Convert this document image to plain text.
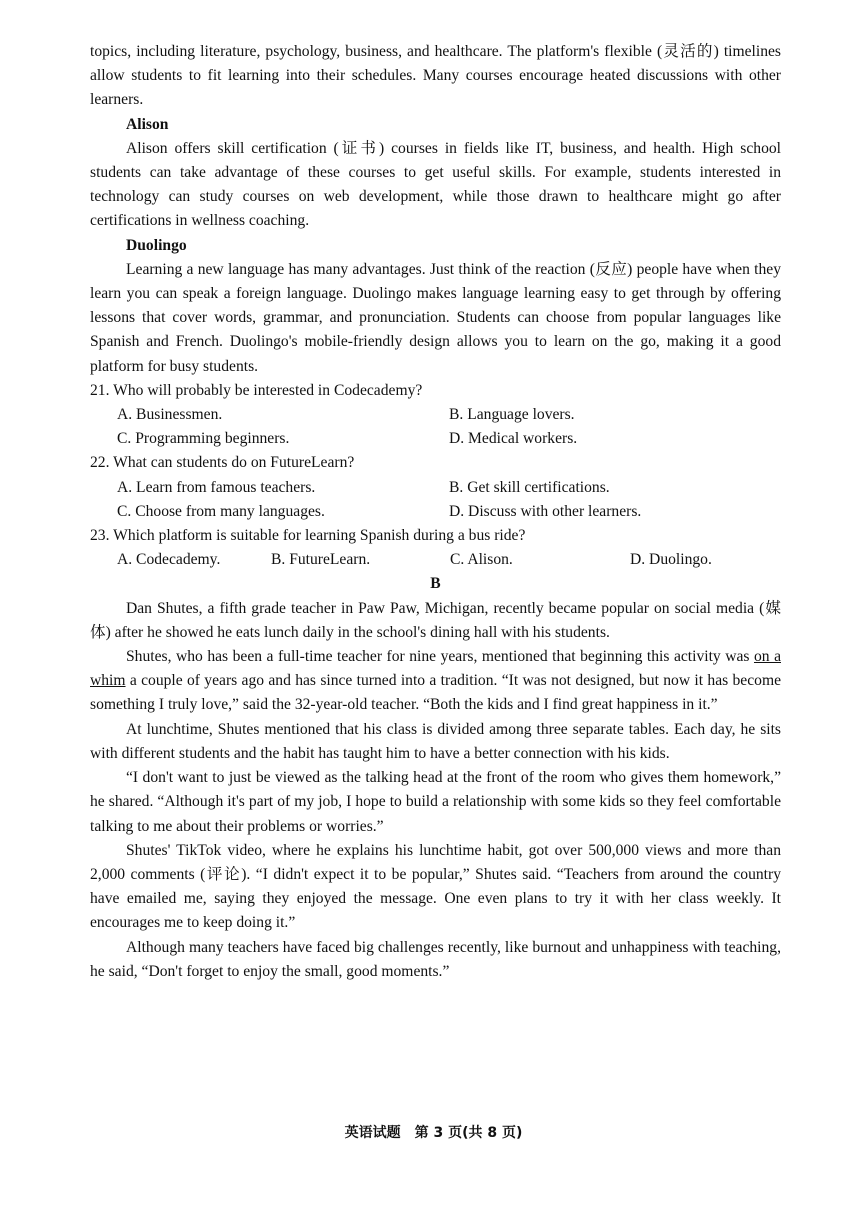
topics, including literature, psychology, business, and healthcare. The platform's flexible (灵活的) timelines allow students to fit learning into their schedules. Many courses encourage heated discussions with other learners.

Alison

Alison offers skill certification (证书) courses in fields like IT, business, and health. High school students can take advantage of these courses to get useful skills. For example, students interested in technology can study courses on web development, while those drawn to healthcare might go after certifications in wellness coaching.

Duolingo

Learning a new language has many advantages. Just think of the reaction (反应) people have when they learn you can speak a foreign language. Duolingo makes language learning easy to get through by offering lessons that cover words, grammar, and pronunciation. Students can choose from popular languages like Spanish and French. Duolingo's mobile-friendly design allows you to learn on the go, making it a good platform for busy students.

21. Who will probably be interested in Codecademy?

A. Businessmen.	B. Language lovers.
C. Programming beginners.	D. Medical workers.

22. What can students do on FutureLearn?

A. Learn from famous teachers.	B. Get skill certifications.
C. Choose from many languages.	D. Discuss with other learners.

23. Which platform is suitable for learning Spanish during a bus ride?

A. Codecademy.	B. FutureLearn.	C. Alison.	D. Duolingo.

B

Dan Shutes, a fifth grade teacher in Paw Paw, Michigan, recently became popular on social media (媒体) after he showed he eats lunch daily in the school's dining hall with his students.

Shutes, who has been a full-time teacher for nine years, mentioned that beginning this activity was on a whim a couple of years ago and has since turned into a tradition. “It was not designed, but now it has become something I truly love,” said the 32-year-old teacher. “Both the kids and I find great happiness in it.”

At lunchtime, Shutes mentioned that his class is divided among three separate tables. Each day, he sits with different students and the habit has taught him to have a better connection with his kids.

“I don't want to just be viewed as the talking head at the front of the room who gives them homework,” he shared. “Although it's part of my job, I hope to build a relationship with some kids so they feel comfortable talking to me about their problems or worries.”

Shutes' TikTok video, where he explains his lunchtime habit, got over 500,000 views and more than 2,000 comments (评论). “I didn't expect it to be popular,” Shutes said. “Teachers from around the country have emailed me, saying they enjoyed the message. One even plans to try it with her class weekly. It encourages me to keep doing it.”

Although many teachers have faced big challenges recently, like burnout and unhappiness with teaching, he said, “Don't forget to enjoy the small, good moments.”

英语试题　第 3 页(共 8 页)
